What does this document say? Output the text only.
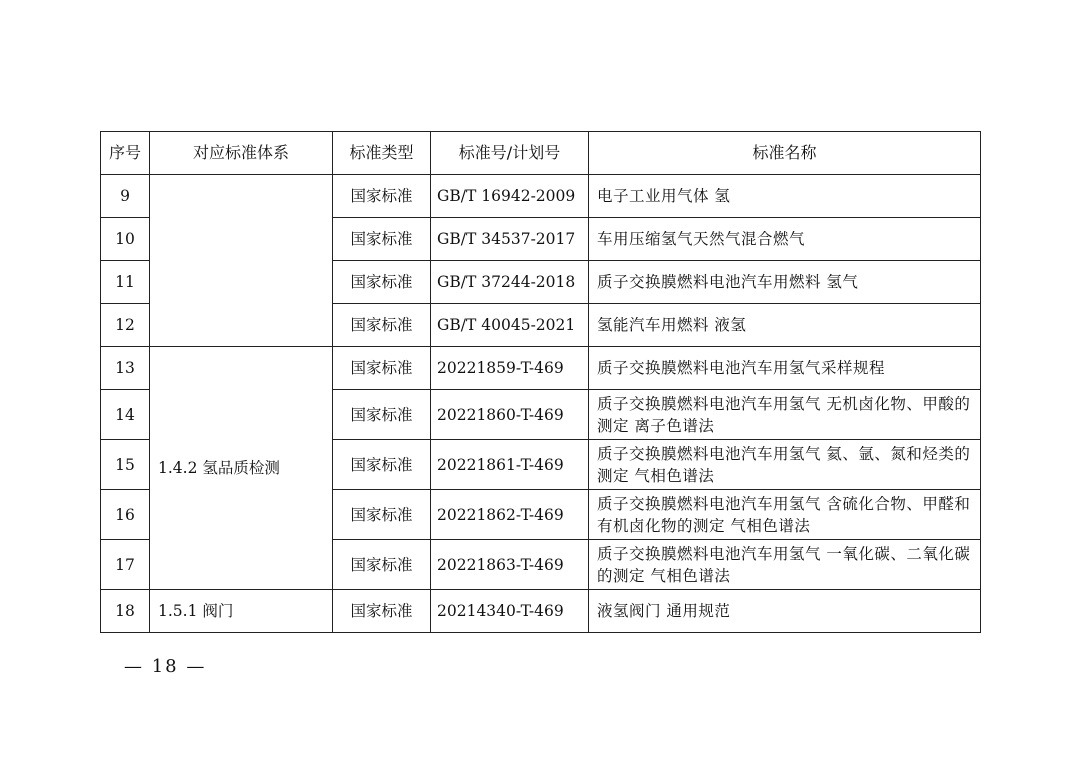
序号	对应标准体系	标准类型	标准号/计划号	标准名称
9		国家标准	GB/T 16942-2009	电子工业用气体 氢
10		国家标准	GB/T 34537-2017	车用压缩氢气天然气混合燃气
11		国家标准	GB/T 37244-2018	质子交换膜燃料电池汽车用燃料 氢气
12		国家标准	GB/T 40045-2021	氢能汽车用燃料 液氢
13	1.4.2 氢品质检测	国家标准	20221859-T-469	质子交换膜燃料电池汽车用氢气采样规程
14		国家标准	20221860-T-469	质子交换膜燃料电池汽车用氢气 无机卤化物、甲酸的测定 离子色谱法
15		国家标准	20221861-T-469	质子交换膜燃料电池汽车用氢气 氦、氩、氮和烃类的测定 气相色谱法
16		国家标准	20221862-T-469	质子交换膜燃料电池汽车用氢气 含硫化合物、甲醛和有机卤化物的测定 气相色谱法
17		国家标准	20221863-T-469	质子交换膜燃料电池汽车用氢气 一氧化碳、二氧化碳的测定 气相色谱法
18	1.5.1 阀门	国家标准	20214340-T-469	液氢阀门 通用规范
— 18 —
